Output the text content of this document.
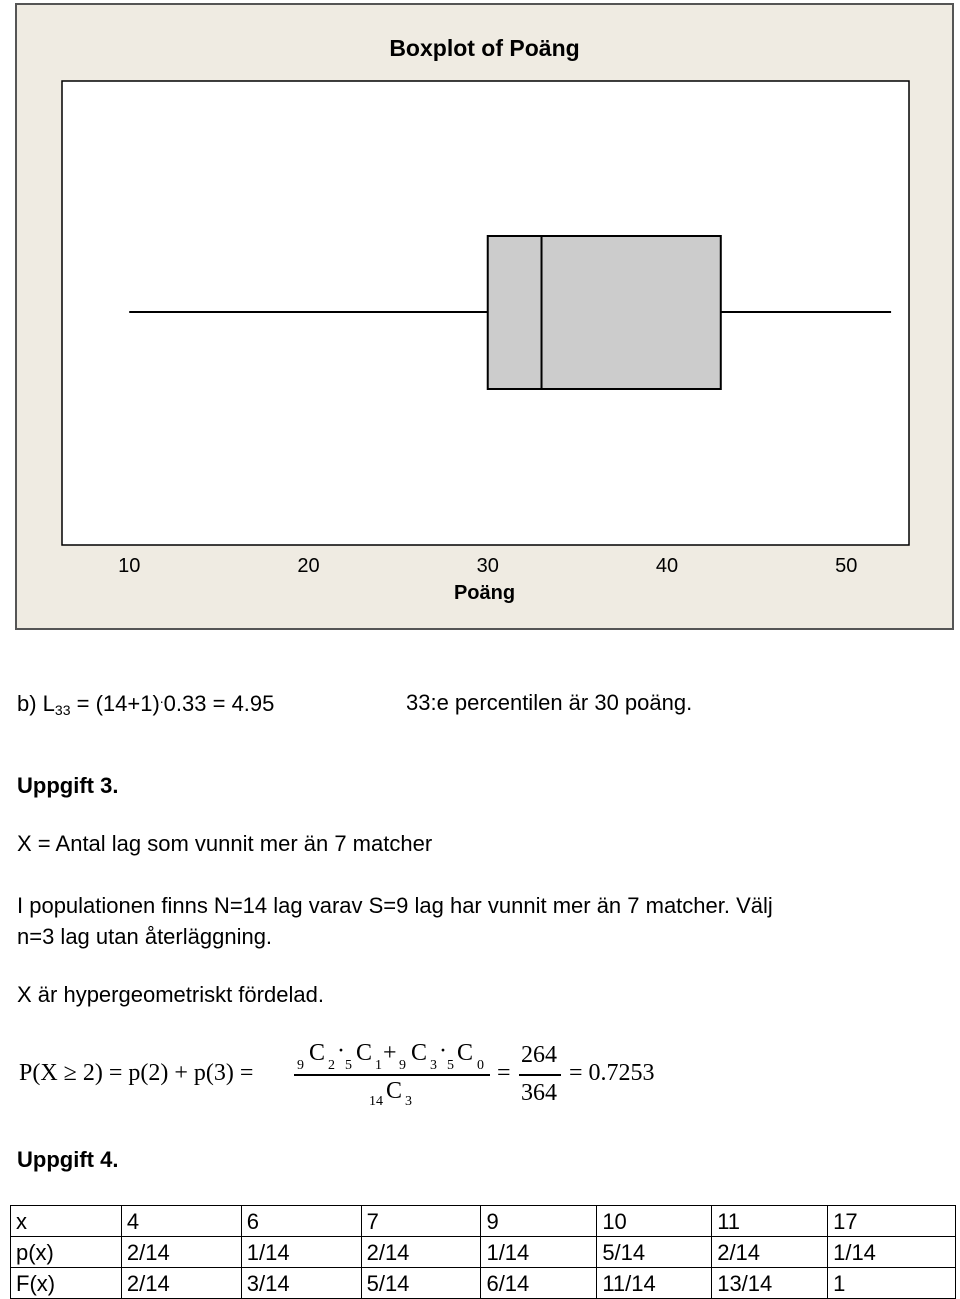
Boxplot of Poäng
10	20	30	40	50
Poäng
b) $L_{33} = (14+1)^.0.33 = 4.95$	33:e percentilen är 30 poäng.
Uppgift 3.
X = Antal lag som vunnit mer än 7 matcher
I populationen finns N=14 lag varav S=9 lag har vunnit mer än 7 matcher. Välj
n=3 lag utan återläggning.
X är hypergeometriskt fördelad.
P(X ≥ 2) = p(2) + p(3) =	9 C 2
·
5 C 1 + 9 C 3
·
5 C 0
14 C 3
=
264
364
= 0.7253
Uppgift 4.
x	4	6	7	9	10	11	17
p(x)	2/14	1/14	2/14	1/14	5/14	2/14	1/14
F(x)	2/14	3/14	5/14	6/14	11/14	13/14	1
